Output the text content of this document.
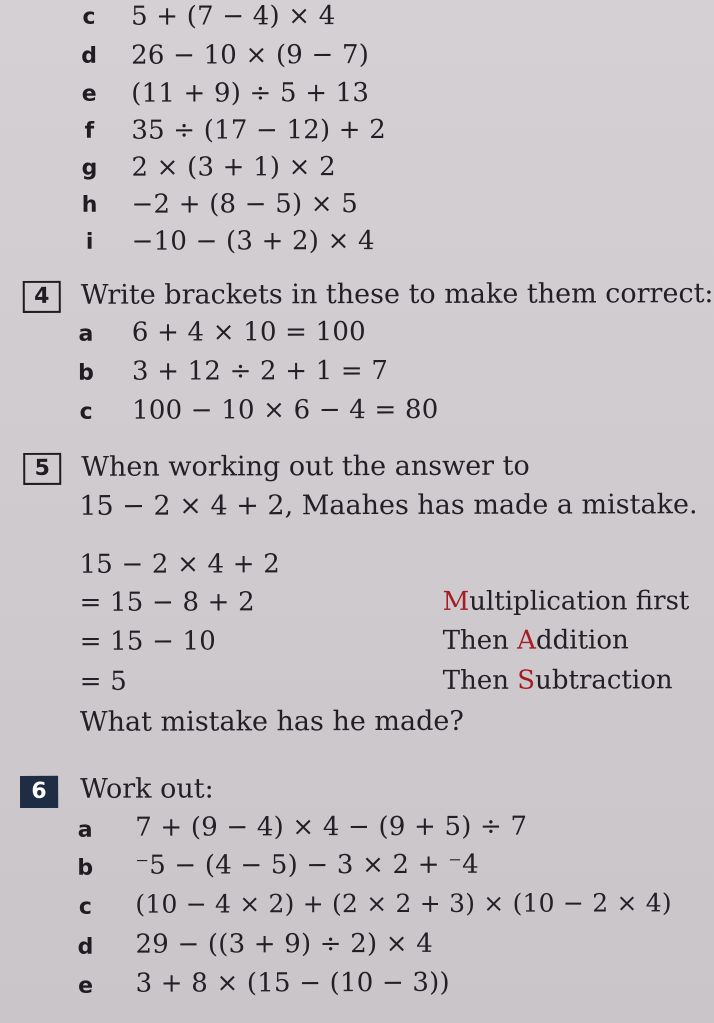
c	5 + (7 − 4) × 4
d 26 − 10 × (9 − 7)
e (11 + 9) ÷ 5 + 13
f	35 ÷ (17 − 12) + 2
g 2 × (3 + 1) × 2
h −2 + (8 − 5) × 5
i	−10 − (3 + 2) × 4
4	Write brackets in these to make them correct:
a 6 + 4 × 10 = 100
b 3 + 12 ÷ 2 + 1 = 7
c	100 − 10 × 6 − 4 = 80
5	When working out the answer to
15 − 2 × 4 + 2, Maahes has made a mistake.
15 − 2 × 4 + 2
= 15 − 8 + 2	Multiplication first
= 15 − 10	Then Addition
= 5	Then Subtraction
What mistake has he made?
6	Work out:
a 7 + (9 − 4) × 4 − (9 + 5) ÷ 7
b ⁻5 − (4 − 5) − 3 × 2 + ⁻4
c	(10 − 4 × 2) + (2 × 2 + 3) × (10 − 2 × 4)
d 29 − ((3 + 9) ÷ 2) × 4
e 3 + 8 × (15 − (10 − 3))
